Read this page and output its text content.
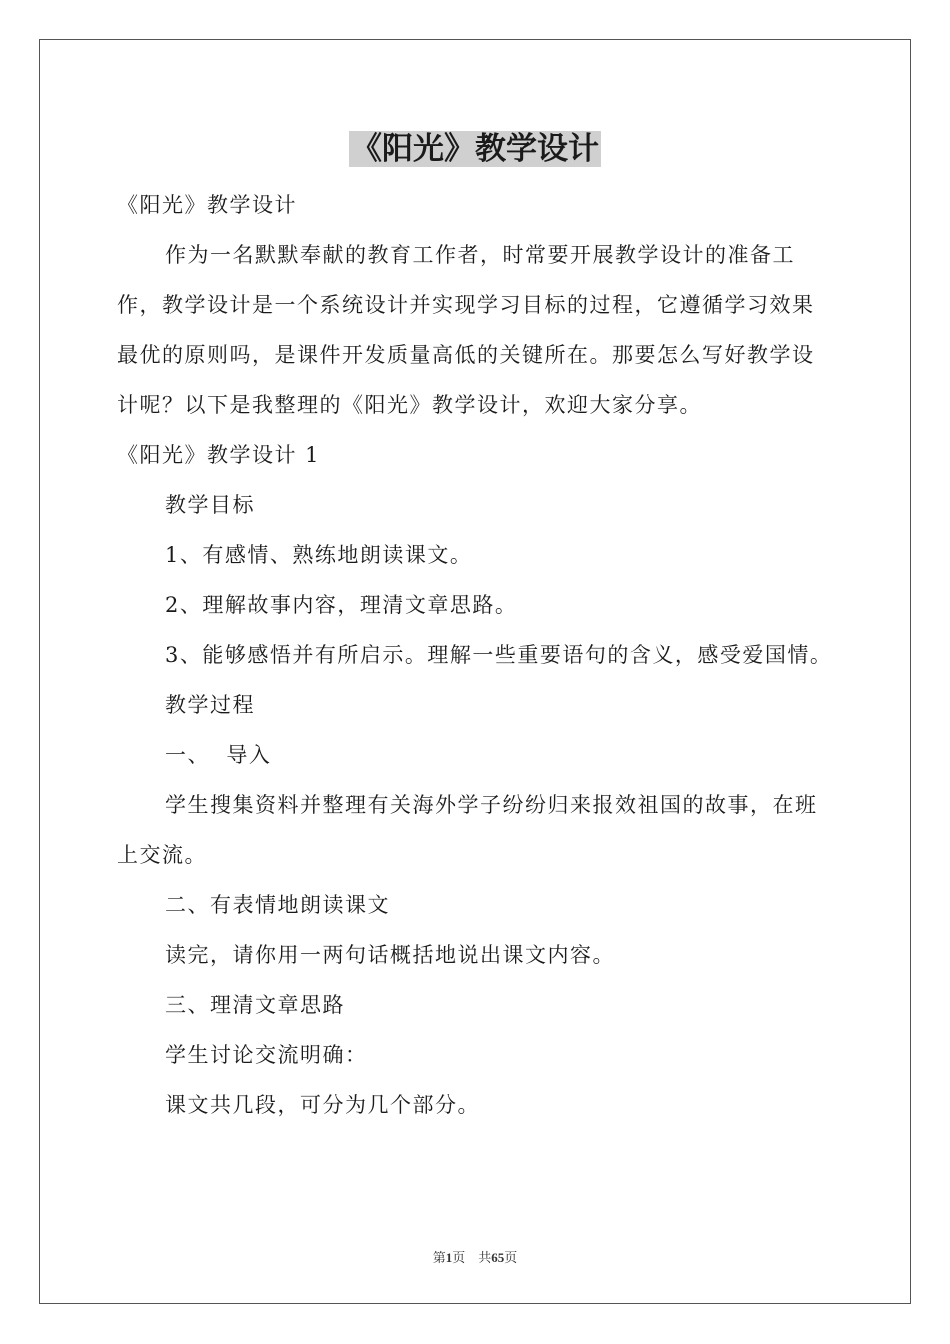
《阳光》教学设计

《阳光》教学设计

作为一名默默奉献的教育工作者，时常要开展教学设计的准备工作，教学设计是一个系统设计并实现学习目标的过程，它遵循学习效果最优的原则吗，是课件开发质量高低的关键所在。那要怎么写好教学设计呢？以下是我整理的《阳光》教学设计，欢迎大家分享。

《阳光》教学设计 1

教学目标

1、有感情、熟练地朗读课文。

2、理解故事内容，理清文章思路。

3、能够感悟并有所启示。理解一些重要语句的含义，感受爱国情。

教学过程

一、  导入

学生搜集资料并整理有关海外学子纷纷归来报效祖国的故事，在班上交流。

二、有表情地朗读课文

读完，请你用一两句话概括地说出课文内容。

三、理清文章思路

学生讨论交流明确：

课文共几段，可分为几个部分。

第1页    共65页
